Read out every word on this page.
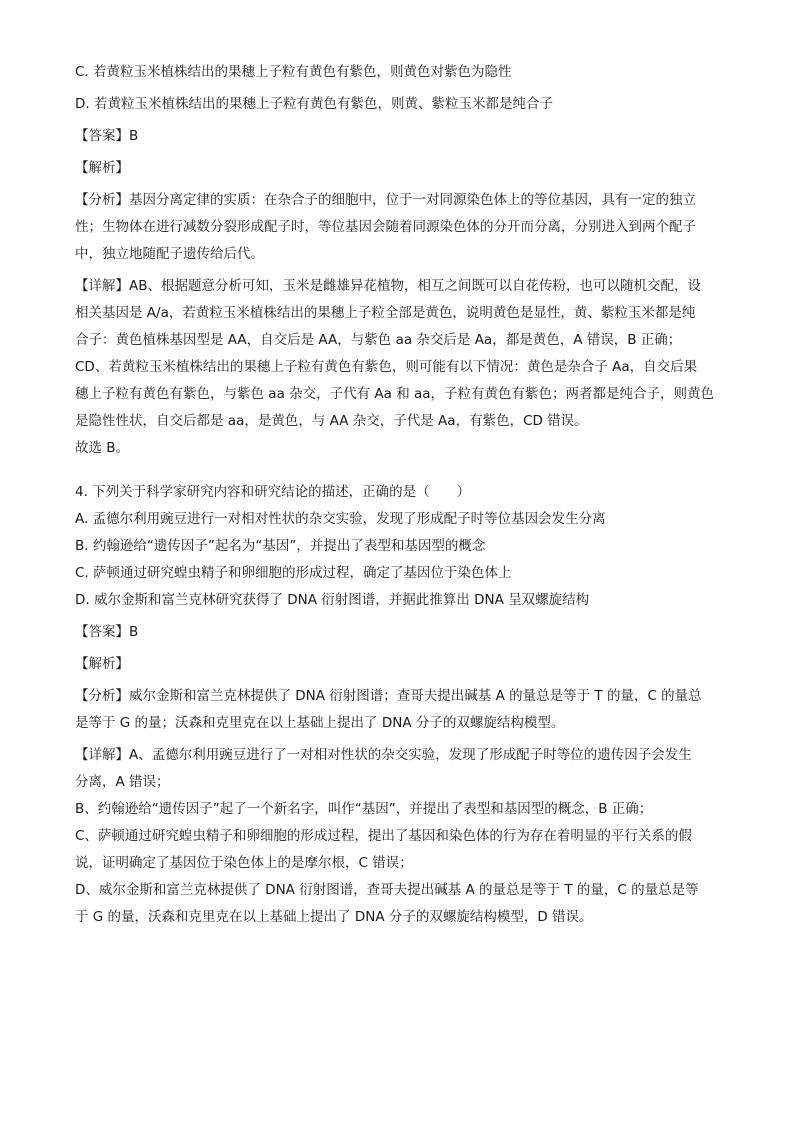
C. 若黄粒玉米植株结出的果穗上子粒有黄色有紫色，则黄色对紫色为隐性

D. 若黄粒玉米植株结出的果穗上子粒有黄色有紫色，则黄、紫粒玉米都是纯合子

【答案】B

【解析】

【分析】基因分离定律的实质：在杂合子的细胞中，位于一对同源染色体上的等位基因，具有一定的独立

性；生物体在进行减数分裂形成配子时，等位基因会随着同源染色体的分开而分离，分别进入到两个配子

中，独立地随配子遗传给后代。

【详解】AB、根据题意分析可知，玉米是雌雄异花植物，相互之间既可以自花传粉，也可以随机交配，设

相关基因是 A/a，若黄粒玉米植株结出的果穗上子粒全部是黄色，说明黄色是显性，黄、紫粒玉米都是纯

合子：黄色植株基因型是 AA，自交后是 AA，与紫色 aa 杂交后是 Aa，都是黄色，A 错误，B 正确；

CD、若黄粒玉米植株结出的果穗上子粒有黄色有紫色，则可能有以下情况：黄色是杂合子 Aa，自交后果

穗上子粒有黄色有紫色，与紫色 aa 杂交，子代有 Aa 和 aa，子粒有黄色有紫色；两者都是纯合子，则黄色

是隐性性状，自交后都是 aa，是黄色，与 AA 杂交，子代是 Aa，有紫色，CD 错误。

故选 B。

4. 下列关于科学家研究内容和研究结论的描述，正确的是（　　）

A. 孟德尔利用豌豆进行一对相对性状的杂交实验，发现了形成配子时等位基因会发生分离

B. 约翰逊给“遗传因子”起名为“基因”，并提出了表型和基因型的概念

C. 萨顿通过研究蝗虫精子和卵细胞的形成过程，确定了基因位于染色体上

D. 威尔金斯和富兰克林研究获得了 DNA 衍射图谱，并据此推算出 DNA 呈双螺旋结构

【答案】B

【解析】

【分析】威尔金斯和富兰克林提供了 DNA 衍射图谱；查哥夫提出碱基 A 的量总是等于 T 的量，C 的量总

是等于 G 的量；沃森和克里克在以上基础上提出了 DNA 分子的双螺旋结构模型。

【详解】A、孟德尔利用豌豆进行了一对相对性状的杂交实验，发现了形成配子时等位的遗传因子会发生

分离，A 错误；

B、约翰逊给“遗传因子”起了一个新名字，叫作“基因”，并提出了表型和基因型的概念，B 正确；

C、萨顿通过研究蝗虫精子和卵细胞的形成过程，提出了基因和染色体的行为存在着明显的平行关系的假

说，证明确定了基因位于染色体上的是摩尔根，C 错误；

D、威尔金斯和富兰克林提供了 DNA 衍射图谱，查哥夫提出碱基 A 的量总是等于 T 的量，C 的量总是等

于 G 的量，沃森和克里克在以上基础上提出了 DNA 分子的双螺旋结构模型，D 错误。
